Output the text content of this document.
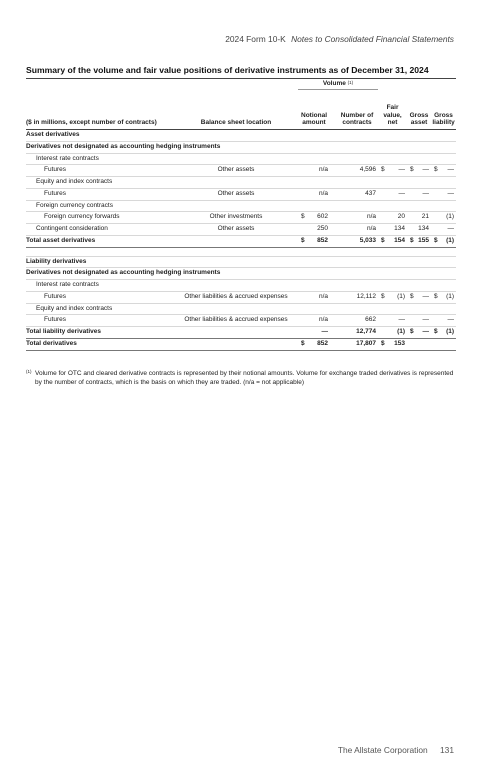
2024 Form 10-K Notes to Consolidated Financial Statements
Summary of the volume and fair value positions of derivative instruments as of December 31, 2024
		Volume $^{(1)}$	
($ in millions, except number of contracts)	Balance sheet location	Notional amount		Number of contracts	Fair value, net		Gross asset		Gross liability	
Asset derivatives										
Derivatives not designated as accounting hedging instruments										
Interest rate contracts										
Futures	Other assets		n/a	4,596	$	—	$	—	$	—
Equity and index contracts										
Futures	Other assets		n/a	437		—		—		—
Foreign currency contracts										
Foreign currency forwards	Other investments	$	602	n/a		20		21		(1)
Contingent consideration	Other assets		250	n/a		134		134		—
Total asset derivatives		$	852	5,033	$	154	$	155	$	(1)

Liability derivatives										
Derivatives not designated as accounting hedging instruments										
Interest rate contracts										
Futures	Other liabilities & accrued expenses		n/a	12,112	$	(1)	$	—	$	(1)
Equity and index contracts										
Futures	Other liabilities & accrued expenses		n/a	662		—		—		—
Total liability derivatives			—	12,774		(1)	$	—	$	(1)
Total derivatives		$	852	17,807	$	153				
(1) Volume for OTC and cleared derivative contracts is represented by their notional amounts. Volume for exchange traded derivatives is represented by the number of contracts, which is the basis on which they are traded. (n/a = not applicable)
The Allstate Corporation 131
